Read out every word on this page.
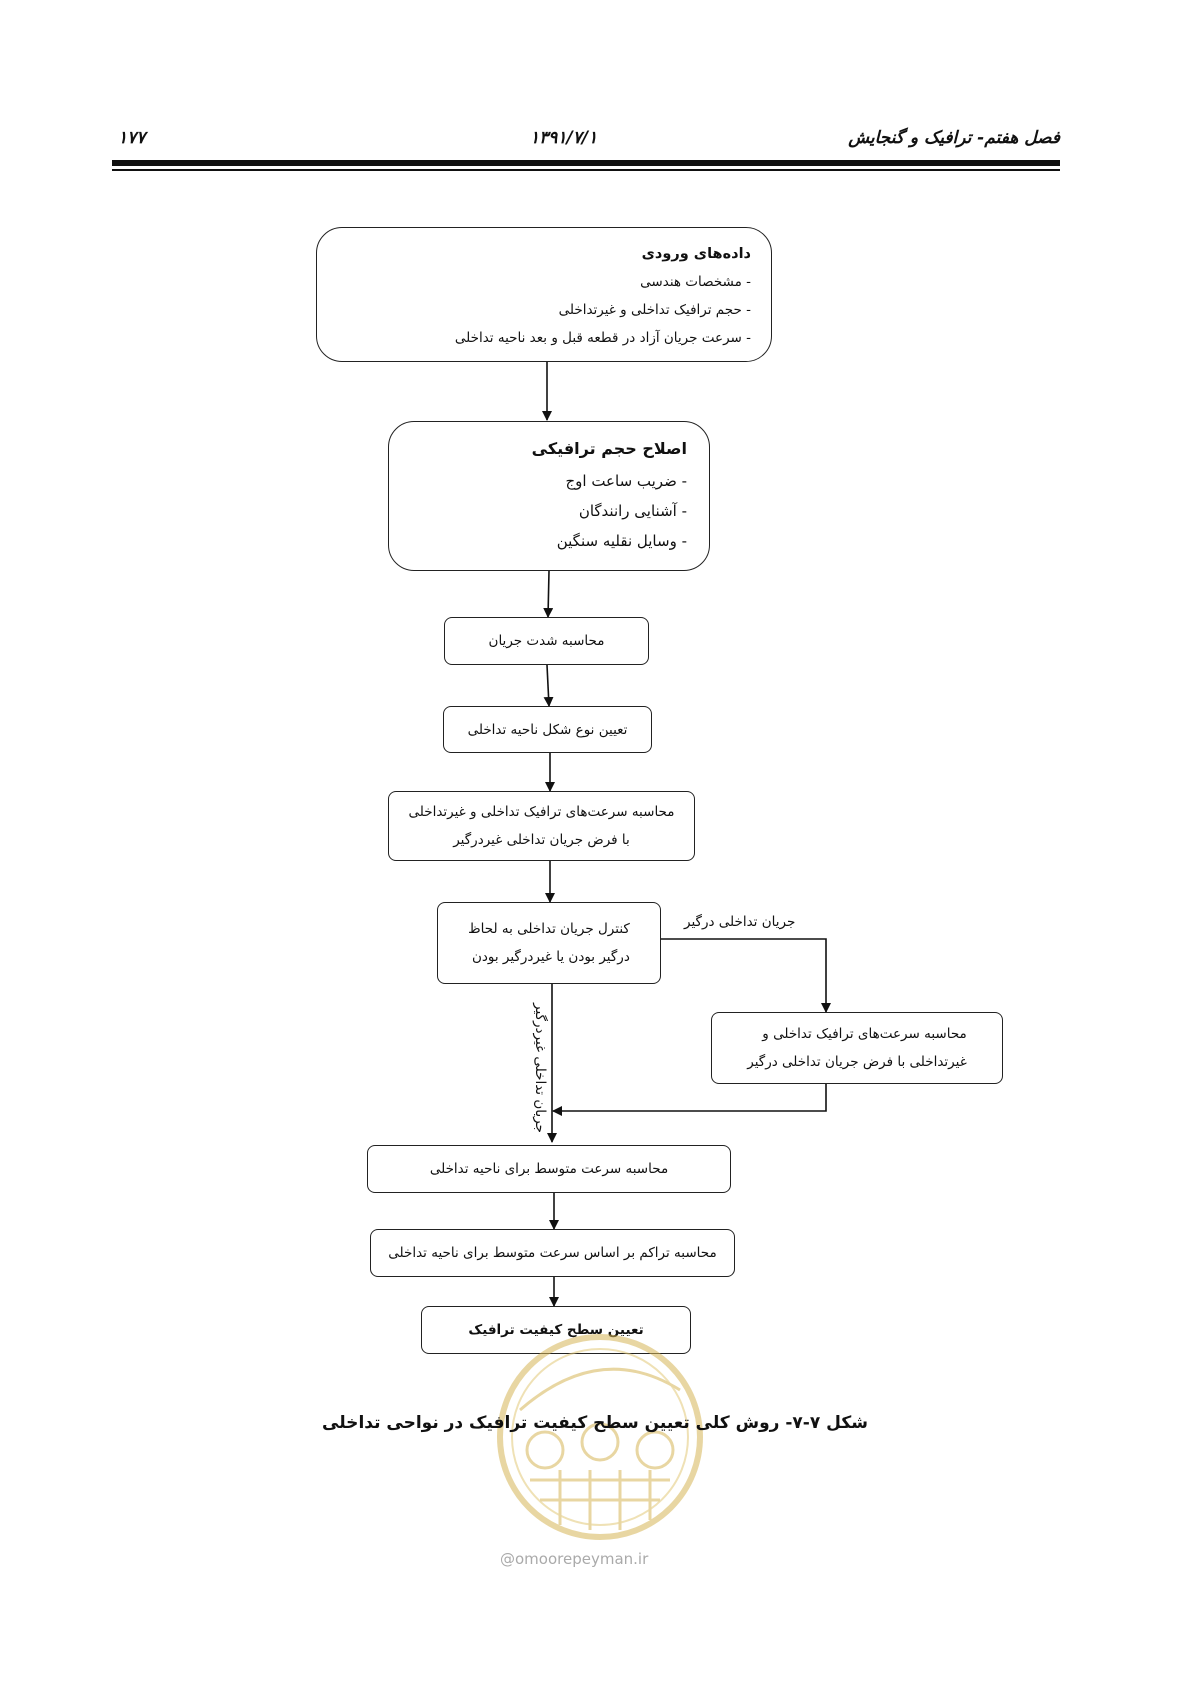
۱۷۷	۱۳۹۱/۷/۱	فصل هفتم- ترافیک و گنجایش
داده‌های ورودی
- مشخصات هندسی
- حجم ترافیک تداخلی و غیرتداخلی
- سرعت جریان آزاد در قطعه قبل و بعد ناحیه تداخلی
اصلاح حجم ترافیکی
- ضریب ساعت اوج
- آشنایی رانندگان
- وسایل نقلیه سنگین
محاسبه شدت جریان
تعیین نوع شکل ناحیه تداخلی
محاسبه سرعت‌های ترافیک تداخلی و غیرتداخلی
با فرض جریان تداخلی غیردرگیر
کنترل جریان تداخلی به لحاظ
درگیر بودن یا غیردرگیر بودن
جریان تداخلی درگیر
جریان تداخلی غیردرگیر	محاسبه سرعت‌های ترافیک تداخلی و
غیرتداخلی با فرض جریان تداخلی درگیر
محاسبه سرعت متوسط برای ناحیه تداخلی
محاسبه تراکم بر اساس سرعت متوسط برای ناحیه تداخلی
تعیین سطح کیفیت ترافیک
شکل ۷-۷- روش کلی تعیین سطح کیفیت ترافیک در نواحی تداخلی
@omoorepeyman.ir
